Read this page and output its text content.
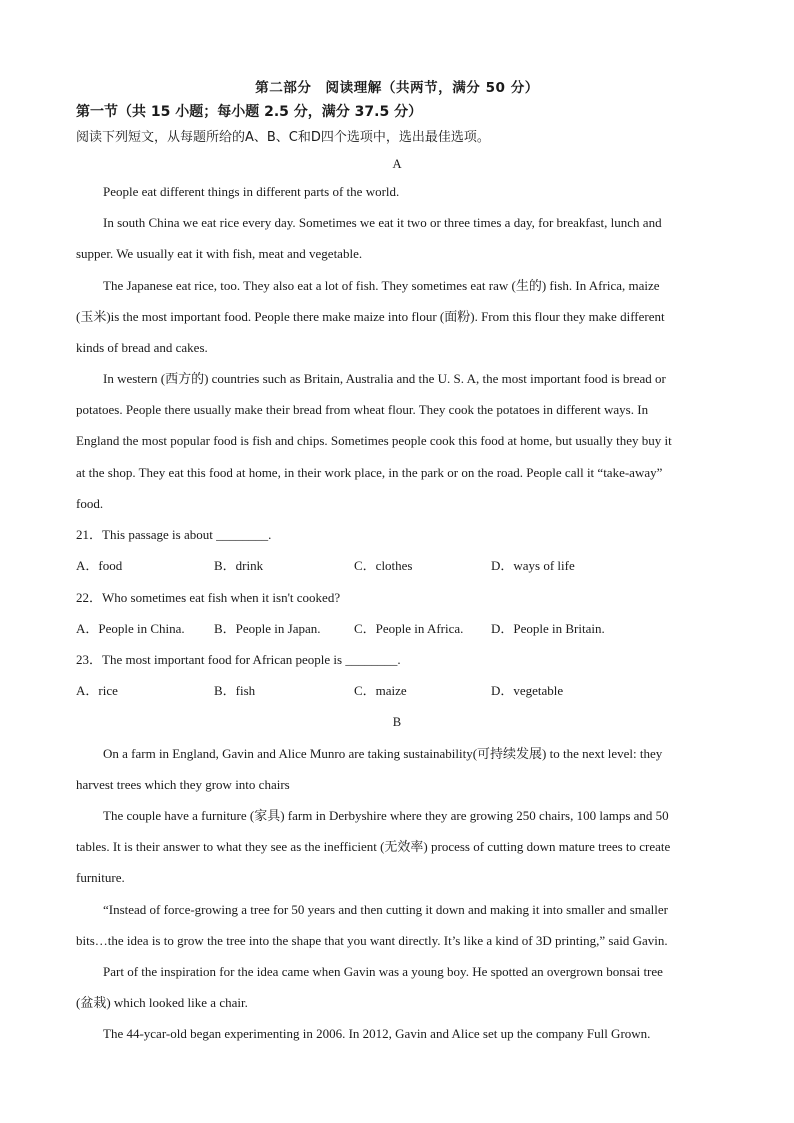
第二部分　阅读理解（共两节，满分 50 分）
第一节（共 15 小题；每小题 2.5 分，满分 37.5 分）
阅读下列短文，从每题所给的A、B、C和D四个选项中，选出最佳选项。
A
People eat different things in different parts of the world.
In south China we eat rice every day. Sometimes we eat it two or three times a day, for breakfast, lunch and
supper. We usually eat it with fish, meat and vegetable.
The Japanese eat rice, too. They also eat a lot of fish. They sometimes eat raw (生的) fish. In Africa, maize
(玉米)is the most important food. People there make maize into flour (面粉). From this flour they make different
kinds of bread and cakes.
In western (西方的) countries such as Britain, Australia and the U. S. A, the most important food is bread or
potatoes. People there usually make their bread from wheat flour. They cook the potatoes in different ways. In
England the most popular food is fish and chips. Sometimes people cook this food at home, but usually they buy it
at the shop. They eat this food at home, in their work place, in the park or on the road. People call it “take-away”
food.
21．This passage is about ________.
A．food	B．drink	C．clothes	D．ways of life
22．Who sometimes eat fish when it isn't cooked?
A．People in China. B．People in Japan.	C．People in Africa. D．People in Britain.
23．The most important food for African people is ________.
A．rice	B．fish	C．maize	D．vegetable
B
On a farm in England, Gavin and Alice Munro are taking sustainability(可持续发展) to the next level: they
harvest trees which they grow into chairs
The couple have a furniture (家具) farm in Derbyshire where they are growing 250 chairs, 100 lamps and 50
tables. It is their answer to what they see as the inefficient (无效率) process of cutting down mature trees to create
furniture.
“Instead of force-growing a tree for 50 years and then cutting it down and making it into smaller and smaller
bits…the idea is to grow the tree into the shape that you want directly. It’s like a kind of 3D printing,” said Gavin.
Part of the inspiration for the idea came when Gavin was a young boy. He spotted an overgrown bonsai tree
(盆栽) which looked like a chair.
The 44-ycar-old began experimenting in 2006. In 2012, Gavin and Alice set up the company Full Grown.
